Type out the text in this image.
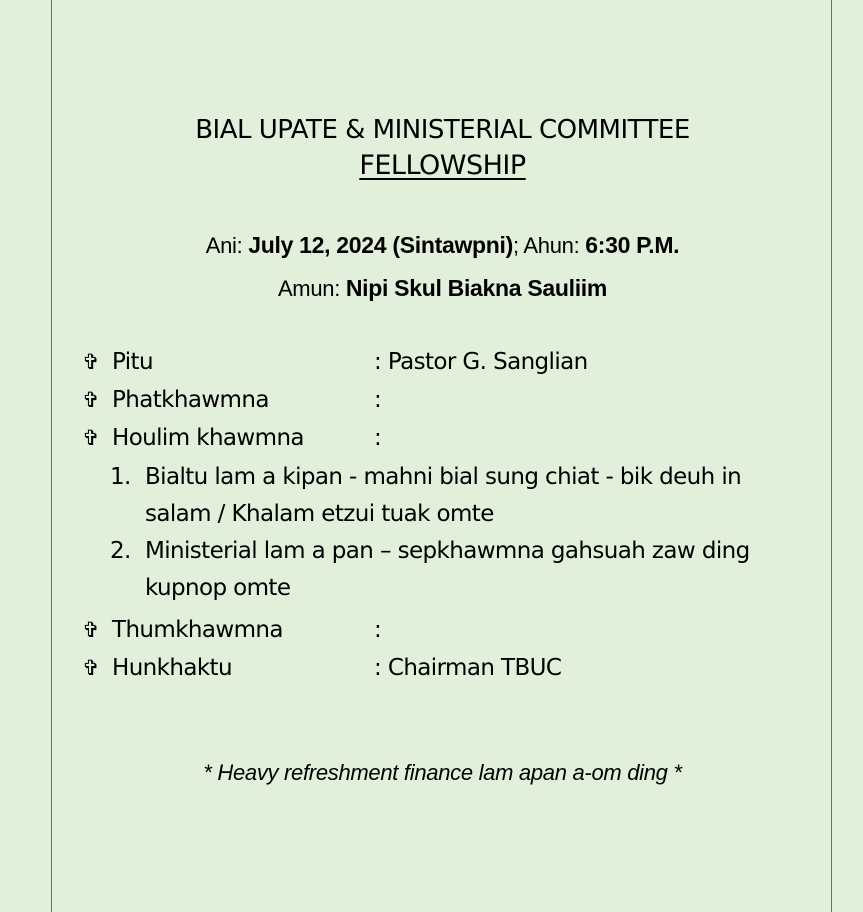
BIAL UPATE & MINISTERIAL COMMITTEE
FELLOWSHIP
Ani: July 12, 2024 (Sintawpni); Ahun: 6:30 P.M.
Amun: Nipi Skul Biakna Sauliim
✞ Pitu	: Pastor G. Sanglian
✞ Phatkhawmna	:
✞ Houlim khawmna	:
1. Bialtu lam a kipan - mahni bial sung chiat - bik deuh in salam / Khalam etzui tuak omte
2. Ministerial lam a pan – sepkhawmna gahsuah zaw ding kupnop omte
✞ Thumkhawmna	:
✞ Hunkhaktu	: Chairman TBUC
* Heavy refreshment finance lam apan a-om ding *
